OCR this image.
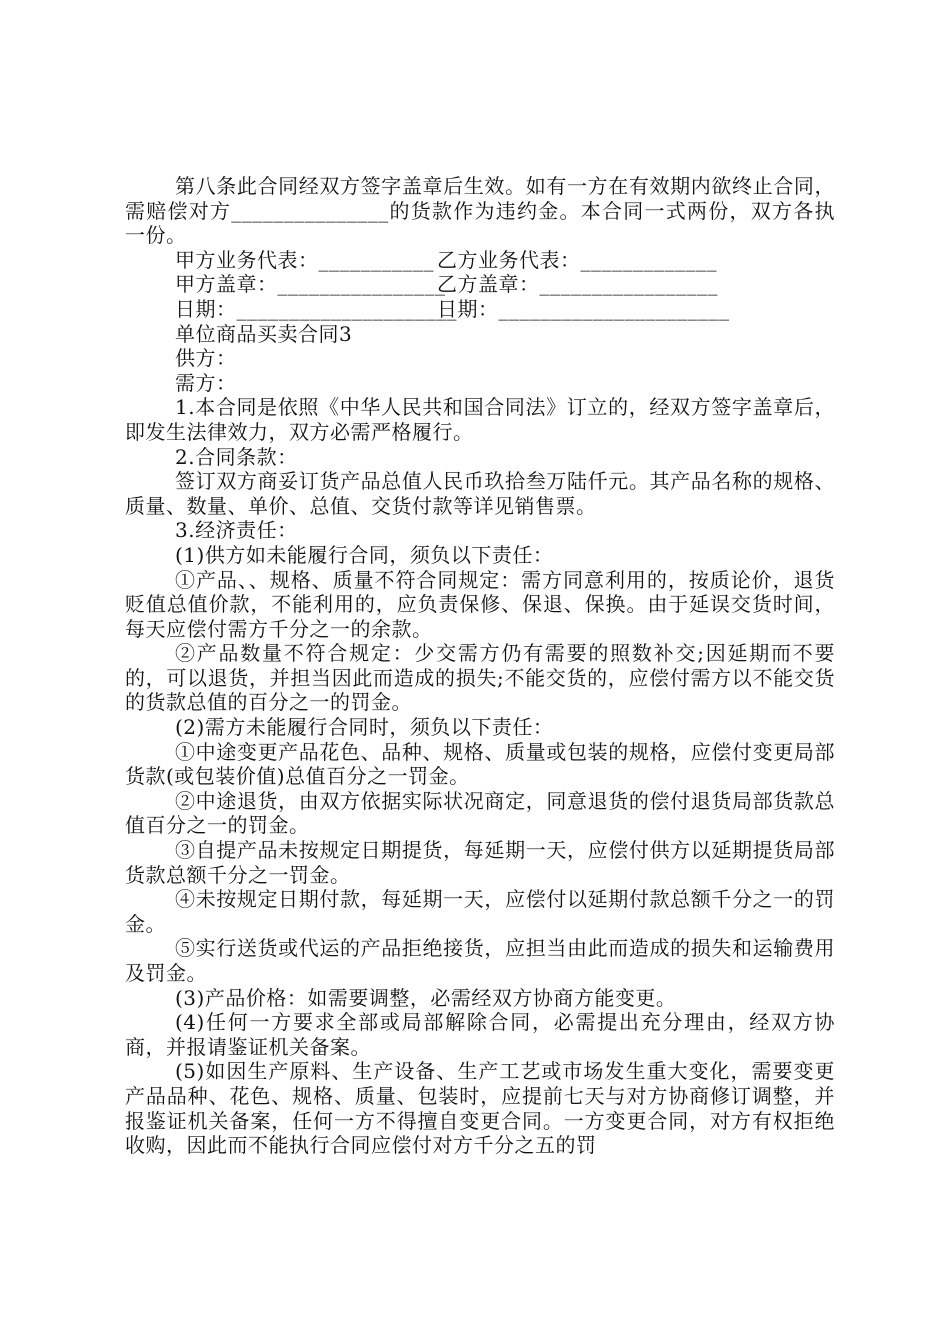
第八条此合同经双方签字盖章后生效。如有一方在有效期内欲终止合同，需赔偿对方_______________的货款作为违约金。本合同一式两份，双方各执一份。

甲方业务代表：___________ 乙方业务代表：_____________

甲方盖章：________________乙方盖章：_________________

日期：_____________________日期：______________________

单位商品买卖合同3

供方：

需方：

1.本合同是依照《中华人民共和国合同法》订立的，经双方签字盖章后，即发生法律效力，双方必需严格履行。

2.合同条款：

签订双方商妥订货产品总值人民币玖拾叁万陆仟元。其产品名称的规格、质量、数量、单价、总值、交货付款等详见销售票。

3.经济责任：

(1)供方如未能履行合同，须负以下责任：

①产品、、规格、质量不符合同规定：需方同意利用的，按质论价，退货贬值总值价款，不能利用的，应负责保修、保退、保换。由于延误交货时间，每天应偿付需方千分之一的余款。

②产品数量不符合规定：少交需方仍有需要的照数补交;因延期而不要的，可以退货，并担当因此而造成的损失;不能交货的，应偿付需方以不能交货的货款总值的百分之一的罚金。

(2)需方未能履行合同时，须负以下责任：

①中途变更产品花色、品种、规格、质量或包装的规格，应偿付变更局部货款(或包装价值)总值百分之一罚金。

②中途退货，由双方依据实际状况商定，同意退货的偿付退货局部货款总值百分之一的罚金。

③自提产品未按规定日期提货，每延期一天，应偿付供方以延期提货局部货款总额千分之一罚金。

④未按规定日期付款，每延期一天，应偿付以延期付款总额千分之一的罚金。

⑤实行送货或代运的产品拒绝接货，应担当由此而造成的损失和运输费用及罚金。

(3)产品价格：如需要调整，必需经双方协商方能变更。

(4)任何一方要求全部或局部解除合同，必需提出充分理由，经双方协商，并报请鉴证机关备案。

(5)如因生产原料、生产设备、生产工艺或市场发生重大变化，需要变更产品品种、花色、规格、质量、包装时，应提前七天与对方协商修订调整，并报鉴证机关备案，任何一方不得擅自变更合同。一方变更合同，对方有权拒绝收购，因此而不能执行合同应偿付对方千分之五的罚
